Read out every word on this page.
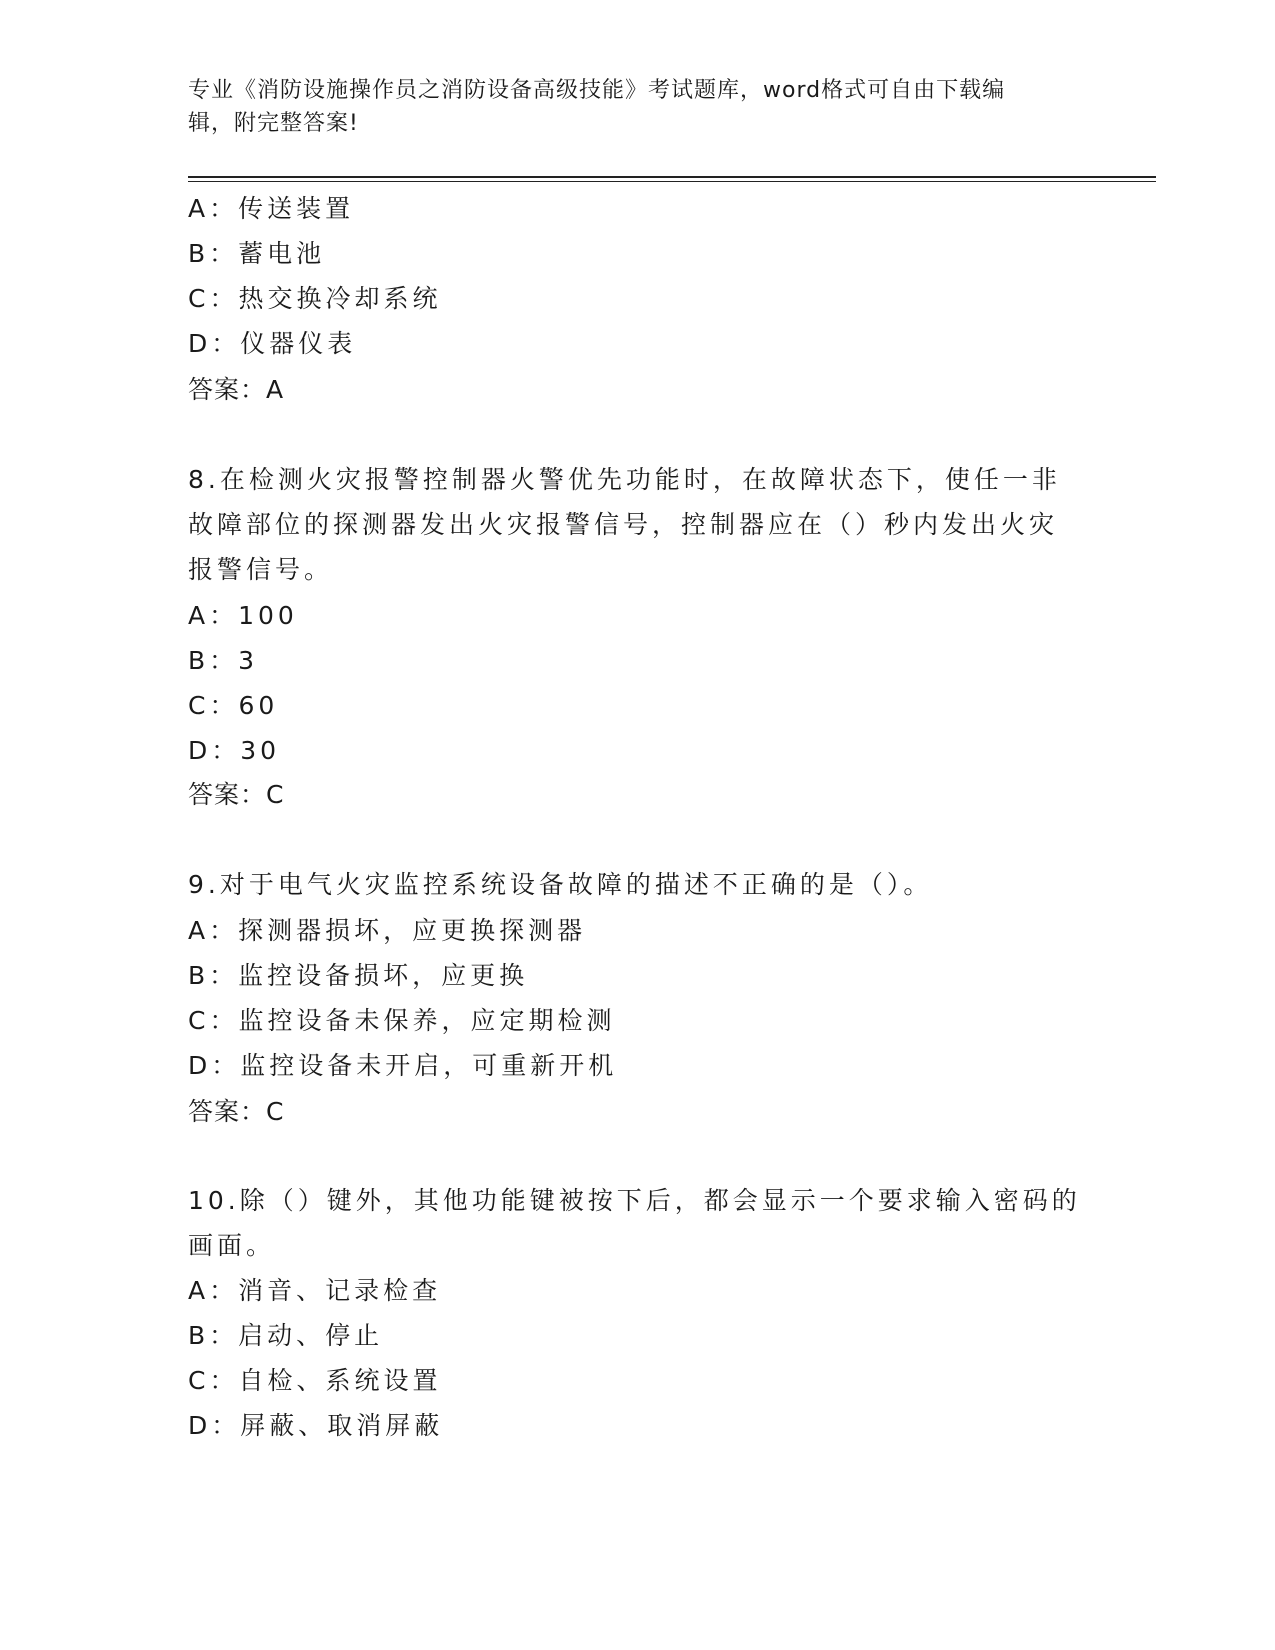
专业《消防设施操作员之消防设备高级技能》考试题库，word格式可自由下载编
辑，附完整答案!
A：传送装置
B：蓄电池
C：热交换冷却系统
D：仪器仪表
答案：A
8.在检测火灾报警控制器火警优先功能时，在故障状态下，使任一非
故障部位的探测器发出火灾报警信号，控制器应在（）秒内发出火灾
报警信号。
A：100
B：3
C：60
D：30
答案：C
9.对于电气火灾监控系统设备故障的描述不正确的是（）。
A：探测器损坏，应更换探测器
B：监控设备损坏，应更换
C：监控设备未保养，应定期检测
D：监控设备未开启，可重新开机
答案：C
10.除（）键外，其他功能键被按下后，都会显示一个要求输入密码的
画面。
A：消音、记录检查
B：启动、停止
C：自检、系统设置
D：屏蔽、取消屏蔽
